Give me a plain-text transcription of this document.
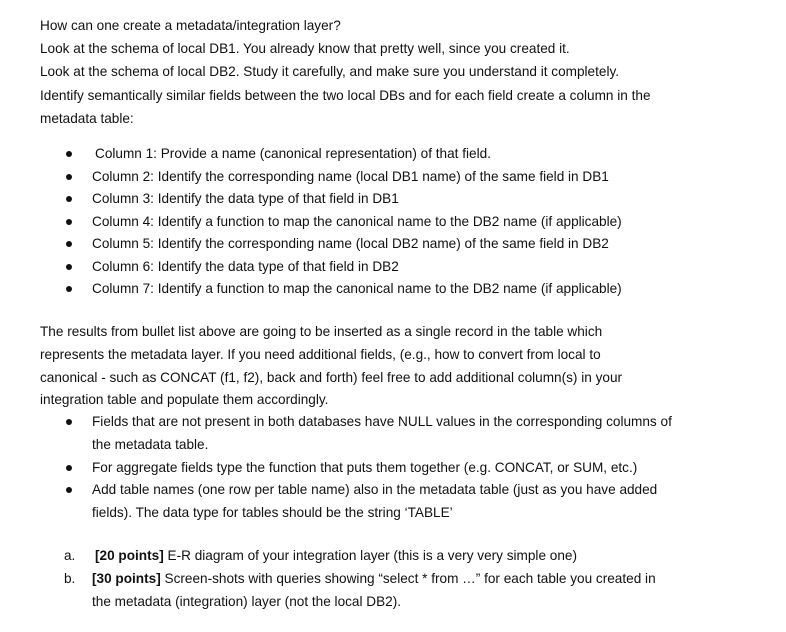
How can one create a metadata/integration layer?
Look at the schema of local DB1. You already know that pretty well, since you created it.
Look at the schema of local DB2. Study it carefully, and make sure you understand it completely.
Identify semantically similar fields between the two local DBs and for each field create a column in the
metadata table:
Column 1: Provide a name (canonical representation) of that field.
Column 2: Identify the corresponding name (local DB1 name) of the same field in DB1
Column 3: Identify the data type of that field in DB1
Column 4: Identify a function to map the canonical name to the DB2 name (if applicable)
Column 5: Identify the corresponding name (local DB2 name) of the same field in DB2
Column 6: Identify the data type of that field in DB2
Column 7: Identify a function to map the canonical name to the DB2 name (if applicable)
The results from bullet list above are going to be inserted as a single record in the table which
represents the metadata layer. If you need additional fields, (e.g., how to convert from local to
canonical - such as CONCAT (f1, f2), back and forth) feel free to add additional column(s) in your
integration table and populate them accordingly.
Fields that are not present in both databases have NULL values in the corresponding columns of
the metadata table.
For aggregate fields type the function that puts them together (e.g. CONCAT, or SUM, etc.)
Add table names (one row per table name) also in the metadata table (just as you have added
fields). The data type for tables should be the string ‘TABLE’
a. [20 points] E-R diagram of your integration layer (this is a very very simple one)
b. [30 points] Screen-shots with queries showing “select * from …” for each table you created in
the metadata (integration) layer (not the local DB2).
